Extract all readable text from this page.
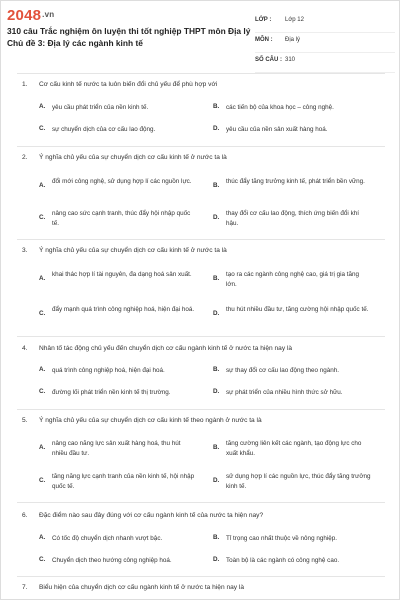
$2048^{.vn}$
310 câu Trắc nghiệm ôn luyện thi tốt nghiệp THPT môn Địa lý Chủ đề 3: Địa lý các ngành kinh tế
LỚP : Lớp 12
MÔN : Địa lý
SỐ CÂU : 310
1. Cơ cấu kinh tế nước ta luôn biến đổi chủ yếu để phù hợp với
A. yêu cầu phát triển của nền kinh tế.	B. các tiến bộ của khoa học – công nghệ.
C. sự chuyển dịch của cơ cấu lao động.	D. yêu cầu của nền sản xuất hàng hoá.
2. Ý nghĩa chủ yếu của sự chuyển dịch cơ cấu kinh tế ở nước ta là
A.
đổi mới công nghệ, sử dụng hợp lí các nguồn lực.
B.
thúc đẩy tăng trưởng kinh tế, phát triển bền vững.
C.
nâng cao sức cạnh tranh, thúc đẩy hội nhập quốc tế.
D.
thay đổi cơ cấu lao động, thích ứng biến đổi khí hậu.
3. Ý nghĩa chủ yếu của sự chuyển dịch cơ cấu kinh tế ở nước ta là
A.
khai thác hợp lí tài nguyên, đa dạng hoá sản xuất.
B.
tạo ra các ngành công nghệ cao, giá trị gia tăng lớn.
C.
đẩy mạnh quá trình công nghiệp hoá, hiện đại hoá.
D.
thu hút nhiều đầu tư, tăng cường hội nhập quốc tế.
4. Nhân tố tác động chủ yếu đến chuyển dịch cơ cấu ngành kinh tế ở nước ta hiện nay là
A. quá trình công nghiệp hoá, hiện đại hoá.	B. sự thay đổi cơ cấu lao động theo ngành.
C. đường lối phát triển nền kinh tế thị trường.	D. sự phát triển của nhiều hình thức sở hữu.
5. Ý nghĩa chủ yếu của sự chuyển dịch cơ cấu kinh tế theo ngành ở nước ta là
A.
nâng cao năng lực sản xuất hàng hoá, thu hút nhiều đầu tư.
B.
tăng cường liên kết các ngành, tạo động lực cho xuất khẩu.
C.
tăng năng lực cạnh tranh của nền kinh tế, hội nhập quốc tế.
D.
sử dụng hợp lí các nguồn lực, thúc đẩy tăng trưởng kinh tế.
6. Đặc điểm nào sau đây đúng với cơ cấu ngành kinh tế của nước ta hiện nay?
A. Có tốc độ chuyển dịch nhanh vượt bậc.	B. Tỉ trọng cao nhất thuộc về nông nghiệp.
C. Chuyển dịch theo hướng công nghiệp hoá.	D. Toàn bộ là các ngành có công nghệ cao.
7. Biểu hiện của chuyển dịch cơ cấu ngành kinh tế ở nước ta hiện nay là
